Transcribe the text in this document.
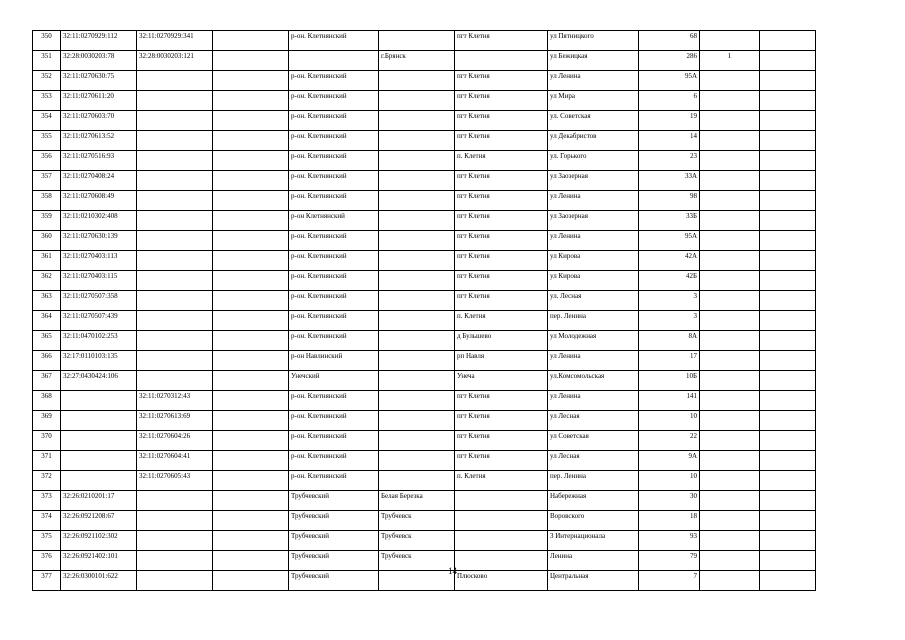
350	32:11:0270929:112	32:11:0270929:341		р-он. Клетнянский		пгт Клетня	ул Пятницкого	68		
351	32:28:0030203:78	32:28:0030203:121			г.Брянск		ул Бежицкая	286	1	
352	32:11:0270630:75			р-он. Клетнянский		пгт Клетня	ул Ленина	95А		
353	32:11:0270611:20			р-он. Клетнянский		пгт Клетня	ул Мира	6		
354	32:11:0270603:70			р-он. Клетнянский		пгт Клетня	ул. Советская	19		
355	32:11:0270613:52			р-он. Клетнянский		пгт Клетня	ул Декабристов	14		
356	32:11:0270516:93			р-он. Клетнянский		п. Клетня	ул. Горького	23		
357	32:11:0270408:24			р-он. Клетнянский		пгт Клетня	ул Заозерная	33А		
358	32:11:0270608:49			р-он. Клетнянский		пгт Клетня	ул Ленина	98		
359	32:11:0210302:408			р-он Клетнянский		пгт Клетня	ул Заозерная	33Б		
360	32:11:0270630:139			р-он. Клетнянский		пгт Клетня	ул Ленина	95А		
361	32:11:0270403:113			р-он. Клетнянский		пгт Клетня	ул Кирова	42А		
362	32:11:0270403:115			р-он. Клетнянский		пгт Клетня	ул Кирова	42Б		
363	32:11:0270507:358			р-он. Клетнянский		пгт Клетня	ул. Лесная	3		
364	32:11:0270507:439			р-он. Клетнянский		п. Клетня	пер. Ленина	3		
365	32:11:0470102:253			р-он. Клетнянский		д Бульшево	ул Молодежная	8А		
366	32:17:0110103:135			р-он Навлинский		рп Навля	ул Ленина	17		
367	32:27:0430424:106			Унечский		Унеча	ул.Комсомольская	10Б		
368		32:11:0270312:43		р-он. Клетнянский		пгт Клетня	ул Ленина	141		
369		32:11:0270613:69		р-он. Клетнянский		пгт Клетня	ул Лесная	10		
370		32:11:0270604:26		р-он. Клетнянский		пгт Клетня	ул Советская	22		
371		32:11:0270604:41		р-он. Клетнянский		пгт Клетня	ул Лесная	9А		
372		32:11:0270605:43		р-он. Клетнянский		п. Клетня	пер. Ленина	10		
373	32:26:0210201:17			Трубчевский	Белая Березка		Набережная	30		
374	32:26:0921208:67			Трубчевский	Трубчевск		Воровского	18		
375	32:26:0921102:302			Трубчевский	Трубчевск		3 Интернационала	93		
376	32:26:0921402:101			Трубчевский	Трубчевск		Ленина	79		
377	32:26:0300101:622			Трубчевский		Плюсково	Центральная	7		
14
